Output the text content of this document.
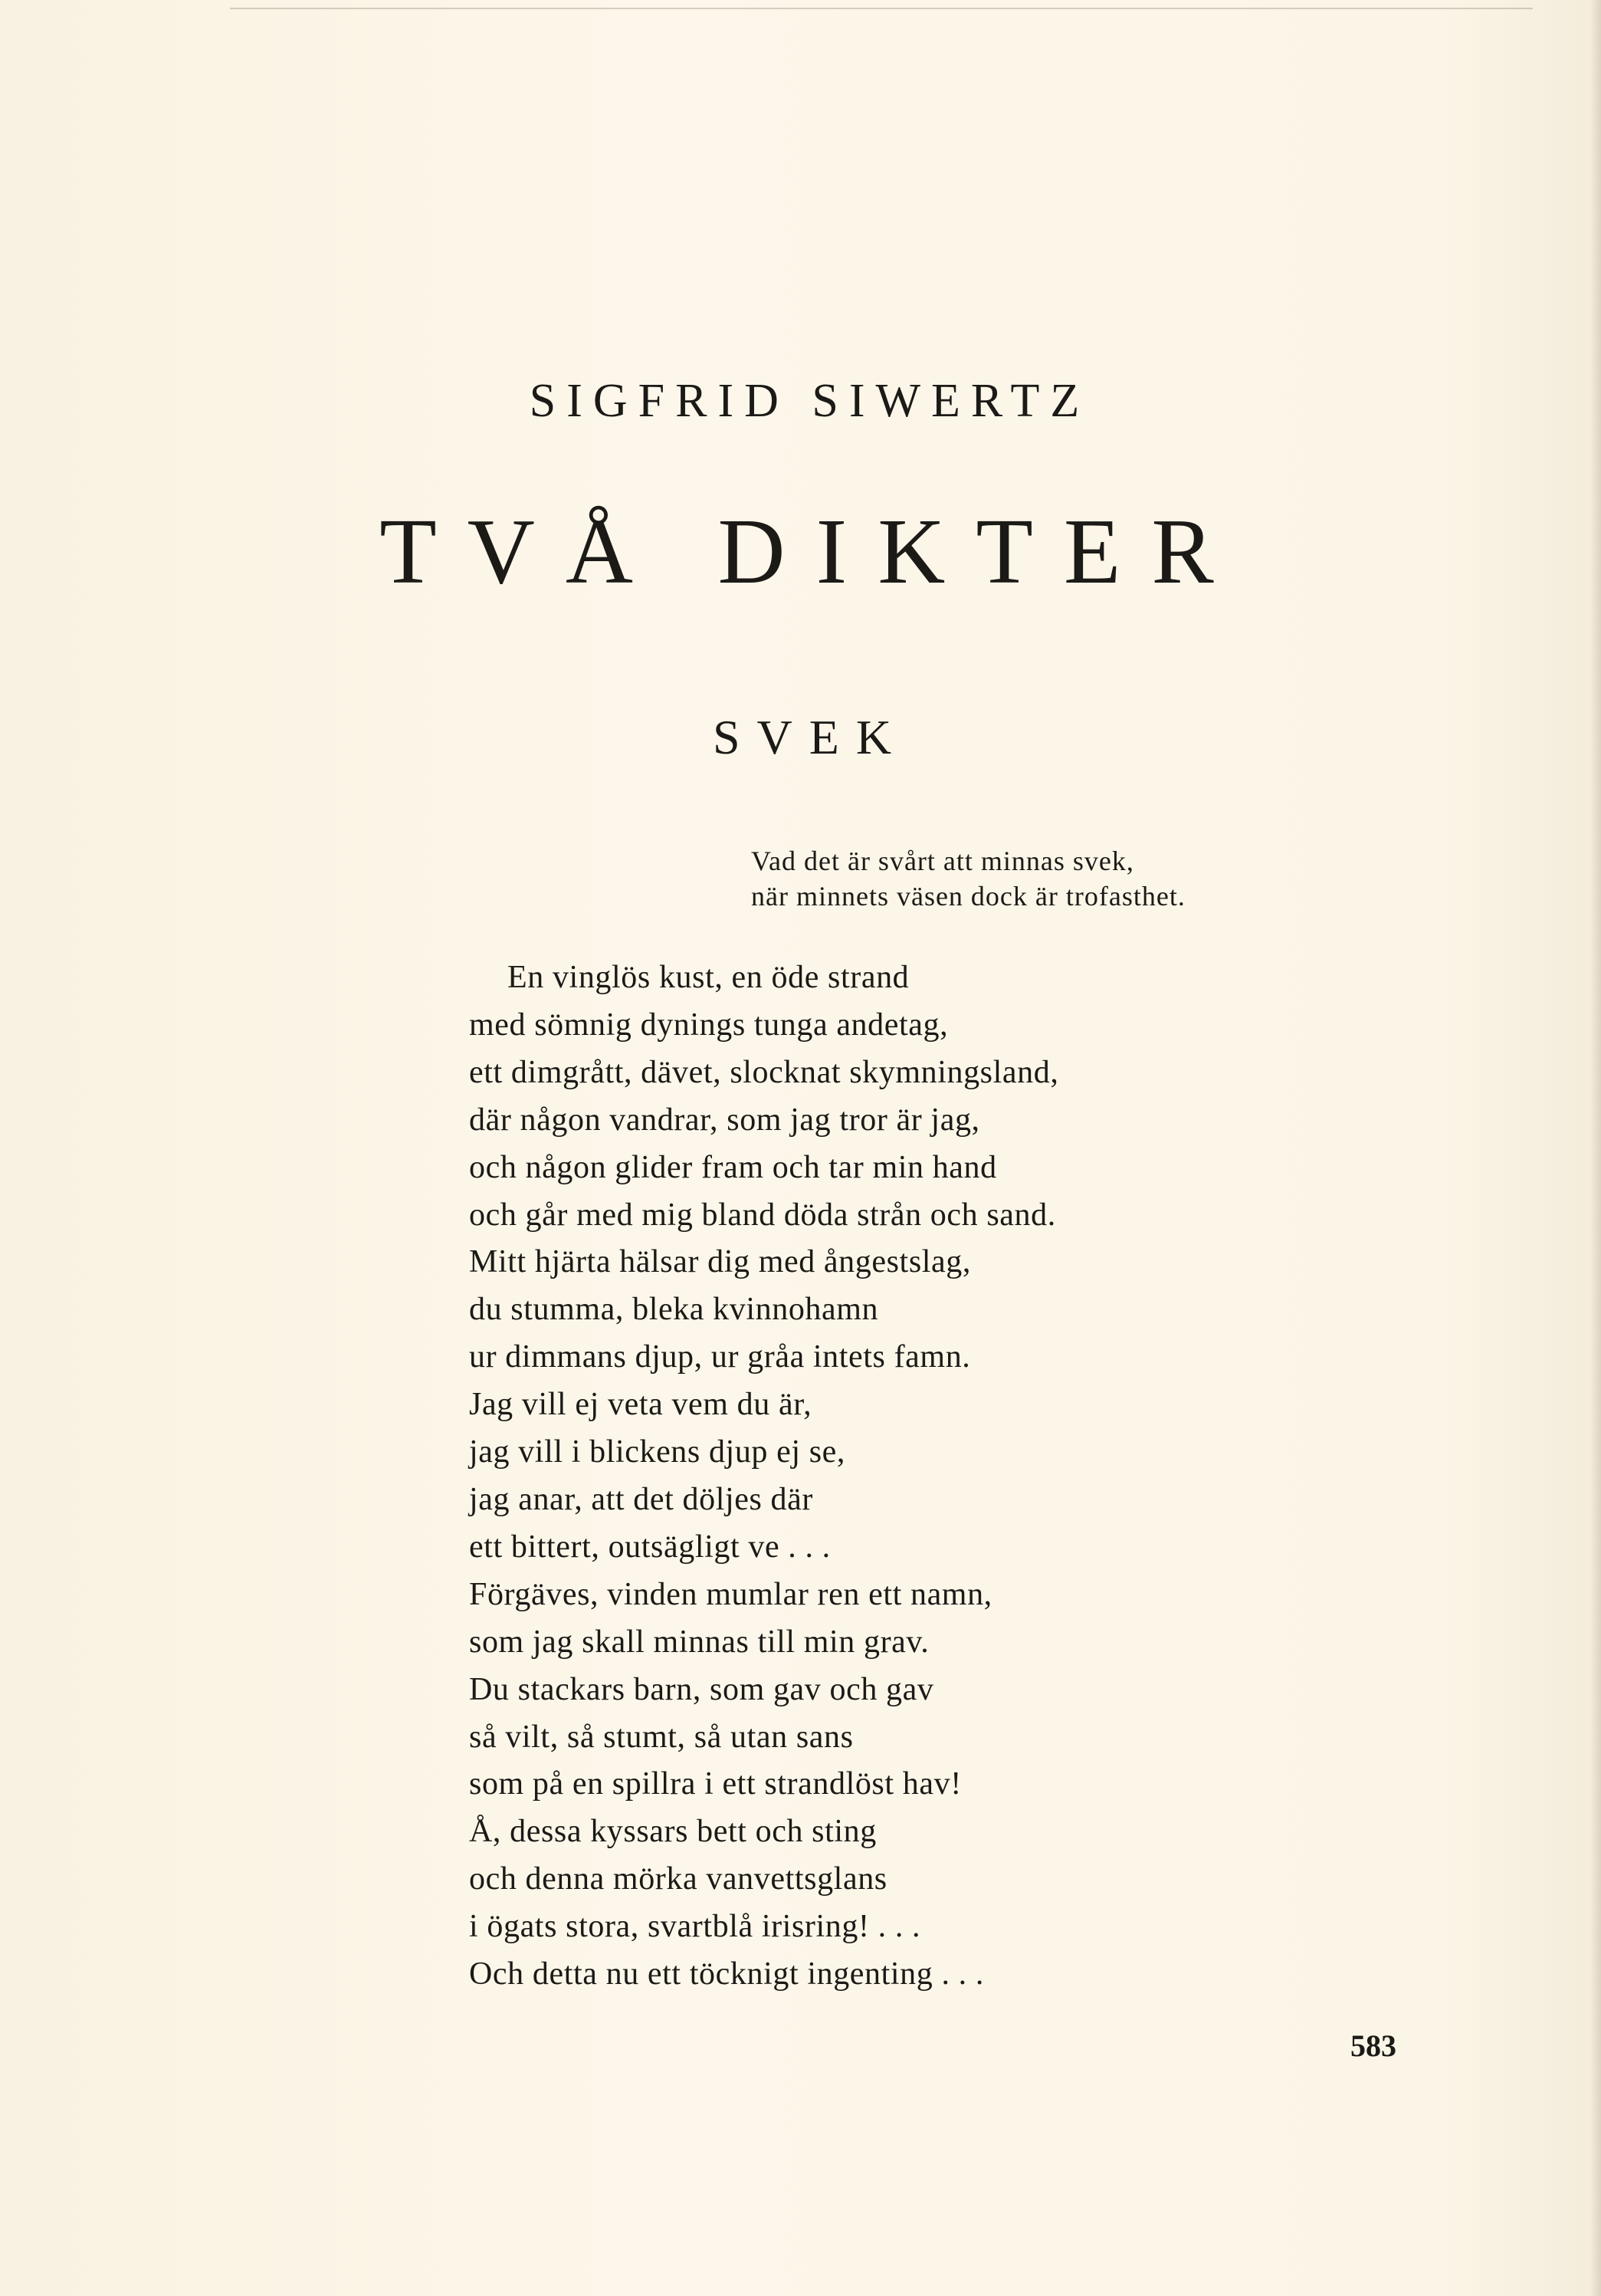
SIGFRID SIWERTZ
TVÅ DIKTER
SVEK
Vad det är svårt att minnas svek,
när minnets väsen dock är trofasthet.
En vinglös kust, en öde strand
med sömnig dynings tunga andetag,
ett dimgrått, dävet, slocknat skymningsland,
där någon vandrar, som jag tror är jag,
och någon glider fram och tar min hand
och går med mig bland döda strån och sand.
Mitt hjärta hälsar dig med ångestslag,
du stumma, bleka kvinnohamn
ur dimmans djup, ur gråa intets famn.
Jag vill ej veta vem du är,
jag vill i blickens djup ej se,
jag anar, att det döljes där
ett bittert, outsägligt ve . . .
Förgäves, vinden mumlar ren ett namn,
som jag skall minnas till min grav.
Du stackars barn, som gav och gav
så vilt, så stumt, så utan sans
som på en spillra i ett strandlöst hav!
Å, dessa kyssars bett och sting
och denna mörka vanvettsglans
i ögats stora, svartblå irisring! . . .
Och detta nu ett töcknigt ingenting . . .
583
